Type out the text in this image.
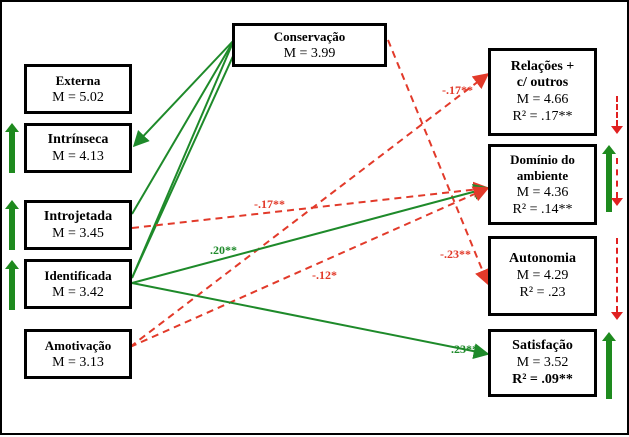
Conservação
M = 3.99
Externa
M = 5.02
Intrínseca
M = 4.13
Introjetada
M = 3.45
Identificada
M = 3.42
Amotivação
M = 3.13
Relações +
c/ outros
M = 4.66
R² = .17**
Domínio do
ambiente
M = 4.36
R² = .14**
Autonomia
M = 4.29
R² = .23
Satisfação
M = 3.52
R² = .09**
-.17**
-.17**
.20**
-.12*
-.23**
.23**
